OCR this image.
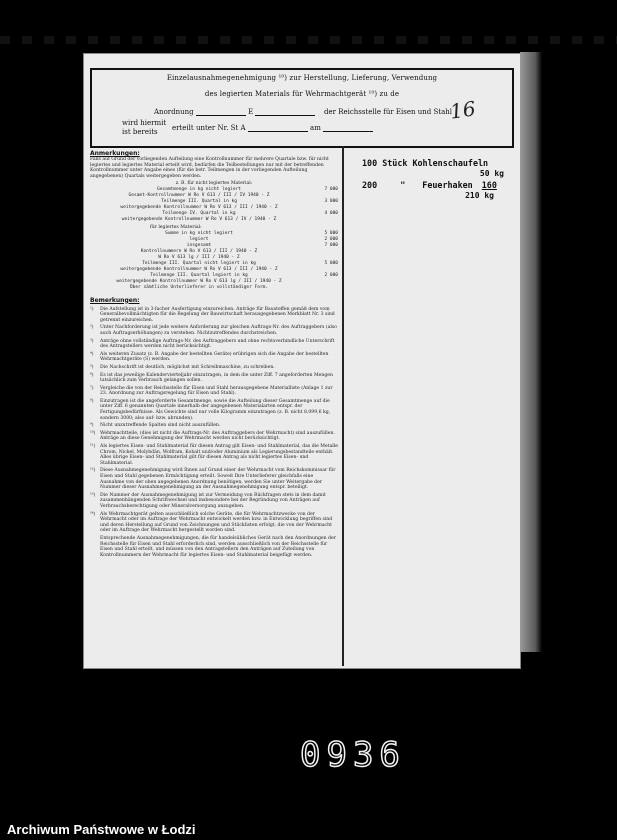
Einzelausnahmegenehmigung ¹⁰) zur Herstellung, Lieferung, Verwendung
des legierten Materials für Wehrmachtgerät ¹⁰) zu de
Anordnung	E	der Reichsstelle für Eisen und Stahl
wird hiermit
ist bereits erteilt unter Nr. St A	am
16
Anmerkungen:
Falls auf Grund der vorliegenden Aufteilung eine Kontrollnummer für mehrere Quartale bzw. für nicht legiertes und legiertes Material erteilt wird, bedürfen die Teilbestellungen nur mit der betreffenden Kontrollnummer unter Angabe eines (für die betr. Teilmengen in der vorliegenden Aufteilung angegebenen) Quartals weitergegeben werden.
z. B. für nicht legiertes Material:
Gesamtmenge in kg nicht legiert	7 000
Gesamt-Kontrollnummer W Ro V 613 / III / IV 1940 - Z
Teilmenge III. Quartal in kg	3 000
weitergegebende Kontrollnummer W Ro V 613 / III / 1940 - Z
Teilmenge IV. Quartal in kg	4 000
weitergegebende Kontrollnummer W Ro V 613 / IV / 1940 - Z
für legiertes Material:
Summe in kg nicht legiert	5 000
legiert	2 000
insgesamt	7 000
Kontrollnummern W Ro V 613 / III / 1940 - Z
W Ro V 613 lg / III / 1940 - Z
Teilmenge III. Quartal nicht legiert in kg	5 000
weitergegebende Kontrollnummer W Ro V 613 / III / 1940 - Z
Teilmenge III. Quartal legiert in kg	2 000
weitergegebende Kontrollnummer W Ro V 613 lg / III / 1940 - Z
Über sämtliche Unterlieferer in vollständiger Form.
Bemerkungen:
¹)	Die Aufstellung ist in 3-facher Ausfertigung einzureichen. Anträge für Bausteffen gemäß dem vom Generalbevollmächtigten für die Regelung der Bauwirtschaft herausgegebenen Merkblatt Nr. 3 sind getrennt einzureichen.
²)	Unter Nachforderung ist jede weitere Anforderung zur gleichen Auftrags-Nr. des Auftraggebers (also auch Auftragserhöhungen) zu verstehen. Nichtzutreffendes durchstreichen.
³)	Anträge ohne vollständige Auftrags-Nr. des Auftraggebers und ohne rechtsverbindliche Unterschrift des Antragstellers werden nicht berücksichtigt.
⁴)	Als weiteren Zusatz (z. B. Angabe der bestellten Geräte) erübrigen sich die Angabe der bestellten Wehrmachtgeräte (S) werden.
⁵)	Die Nachschrift ist deutlich, möglichst mit Schreibmaschine, zu schreiben.
⁶)	Es ist das jeweilige Kalendervierteljahr einzutragen, in dem die unter Ziff. 7 angeforderten Mengen tatsächlich zum Verbrauch gelangen sollen.
⁷)	Vergleiche die von der Reichsstelle für Eisen und Stahl herausgegebene Materialliste (Anlage 1 zur 23. Anordnung zur Auftragsregelung für Eisen und Stahl).
⁸)	Einzutragen ist die angeforderte Gesamtmenge, sowie die Aufteilung dieser Gesamtmenge auf die unter Ziff. 6 genannten Quartale innerhalb der angegebenen Materialarten entspr. der Fertigungsbedürfnisse. Als Gewichte sind nur volle Kilogramm einzutragen (z. B. nicht 8,099,6 kg, sondern 3000; also auf- bzw. abrunden).
⁹)	Nicht unzutreffende Spalten sind nicht auszufüllen.
¹⁰)	Wehrmachtteile, (dies ist nicht die Auftrags-Nr. des Auftraggebers der Wehrmacht) sind auszufüllen. Anträge an diese Genehmigung der Wehrmacht werden nicht berücksichtigt.
¹¹)	Als legiertes Eisen- und Stahlmaterial für diesen Antrag gilt Eisen- und Stahlmaterial, das die Metalle Chrom, Nickel, Molybdän, Wolfram, Kobalt und/oder Aluminium als Legierungsbestandteile enthält. Alles übrige Eisen- und Stahlmaterial gilt für diesen Antrag als nicht legiertes Eisen- und Stahlmaterial.
¹²)	Diese Ausnahmegenehmigung wird Ihnen auf Grund einer der Wehrmacht vom Reichskommissar für Eisen und Stahl gegebenen Ermächtigung erteilt. Soweit Ihre Unterlieferer gleichfalls eine Ausnahme von der oben angegebenen Anordnung benötigen, werden Sie unter Weitergabe der Nummer dieser Ausnahmegenehmigung an der Ausnahmegenehmigung entspr. beteiligt.
¹³)	Die Nummer der Ausnahmegenehmigung ist zur Vermeidung von Rückfragen stets in dem damit zusammenhängenden Schriftwechsel und insbesondere bei der Begründung von Anträgen auf Verbrauchsberechtigung oder Mineralversorgung anzugeben.
¹⁴)	Als Wehrmachtgerät gelten ausschließlich solche Geräte, die für Wehrmachtzwecke von der Wehrmacht oder im Auftrage der Wehrmacht entwickelt werden bzw. in Entwicklung begriffen sind und deren Herstellung auf Grund von Zeichnungen und Stücklisten erfolgt, die von der Wehrmacht oder im Auftrage der Wehrmacht hergestellt worden sind.
Entsprechende Ausnahmegenehmigungen, die für handelsübliches Gerät nach den Anordnungen der Reichsstelle für Eisen und Stahl erforderlich sind, werden ausschließlich von der Reichsstelle für Eisen und Stahl erteilt, und müssen von den Antragstellern den Anträgen auf Zuteilung von Kontrollnummern der Wehrmacht für legiertes Eisen- und Stahlmaterial beigefügt werden.
100 Stück Kohlenschaufeln
50 kg
200	" Feuerhaken 160
210 kg
0936
Archiwum Państwowe w Łodzi
